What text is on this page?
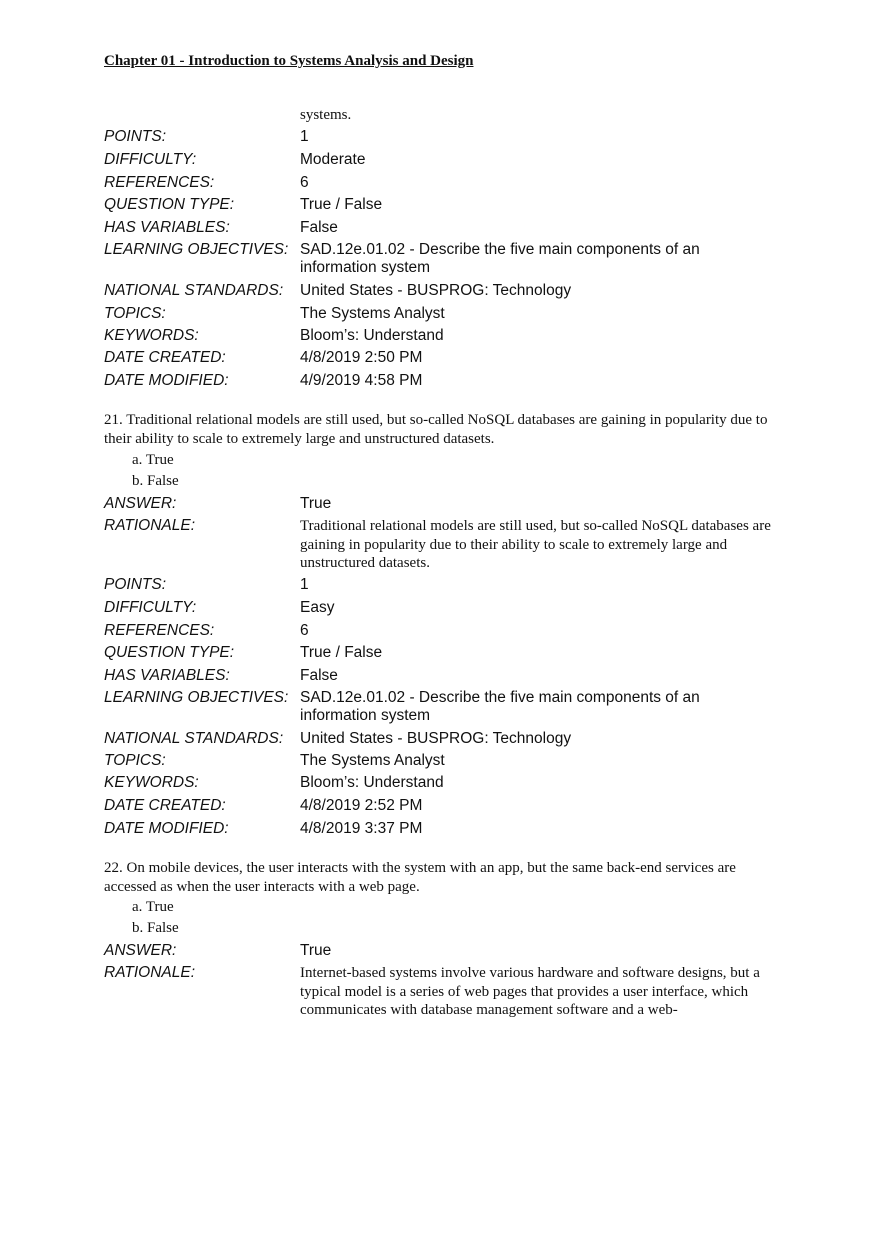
Chapter 01 - Introduction to Systems Analysis and Design
systems.
POINTS:	1
DIFFICULTY:	Moderate
REFERENCES:	6
QUESTION TYPE:	True / False
HAS VARIABLES:	False
LEARNING OBJECTIVES: SAD.12e.01.02 - Describe the five main components of an information system
NATIONAL STANDARDS: United States - BUSPROG: Technology
TOPICS:	The Systems Analyst
KEYWORDS:	Bloom’s: Understand
DATE CREATED:	4/8/2019 2:50 PM
DATE MODIFIED:	4/9/2019 4:58 PM
21. Traditional relational models are still used, but so-called NoSQL databases are gaining in popularity due to their ability to scale to extremely large and unstructured datasets.
a. True
b. False
ANSWER:	True
RATIONALE:	Traditional relational models are still used, but so-called NoSQL databases are gaining in popularity due to their ability to scale to extremely large and unstructured datasets.
POINTS:	1
DIFFICULTY:	Easy
REFERENCES:	6
QUESTION TYPE:	True / False
HAS VARIABLES:	False
LEARNING OBJECTIVES: SAD.12e.01.02 - Describe the five main components of an information system
NATIONAL STANDARDS: United States - BUSPROG: Technology
TOPICS:	The Systems Analyst
KEYWORDS:	Bloom’s: Understand
DATE CREATED:	4/8/2019 2:52 PM
DATE MODIFIED:	4/8/2019 3:37 PM
22. On mobile devices, the user interacts with the system with an app, but the same back-end services are accessed as when the user interacts with a web page.
a. True
b. False
ANSWER:	True
RATIONALE:	Internet-based systems involve various hardware and software designs, but a typical model is a series of web pages that provides a user interface, which communicates with database management software and a web-
